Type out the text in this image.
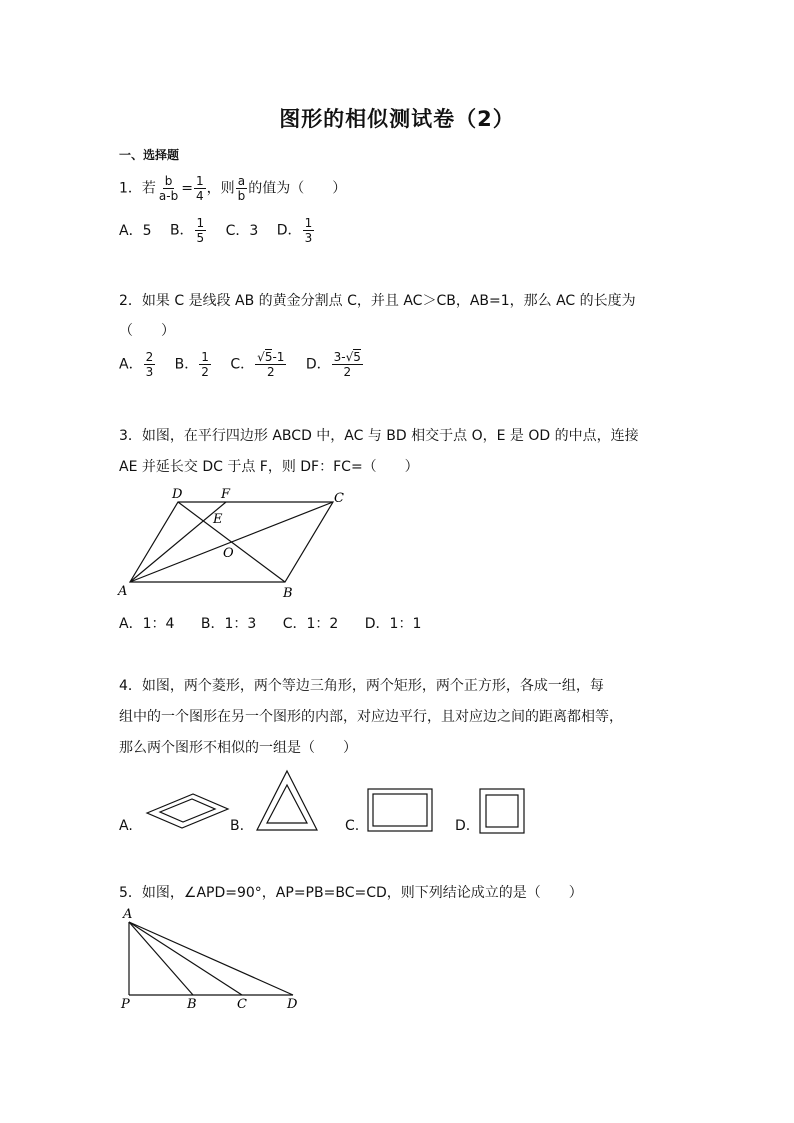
图形的相似测试卷（2）
一、选择题
1．若 $\frac{b}{a-b} = \frac{1}{4}$ ，则 $\frac{a}{b}$ 的值为（　　）
A．5 B． $\frac{1}{5}$ C．3 D． $\frac{1}{3}$
2．如果 C 是线段 AB 的黄金分割点 C，并且 AC＞CB，AB=1，那么 AC 的长度为
（　　）
A． $\frac{2}{3}$ B． $\frac{1}{2}$ C． $\frac{√5-1}{2}$ D． $\frac{3-√5}{2}$
3．如图，在平行四边形 ABCD 中，AC 与 BD 相交于点 O，E 是 OD 的中点，连接
AE 并延长交 DC 于点 F，则 DF：FC=（　　）
A	B
C
D
E
F
O
A．1：4 B．1：3 C．1：2 D．1：1
4．如图，两个菱形，两个等边三角形，两个矩形，两个正方形，各成一组，每
组中的一个图形在另一个图形的内部，对应边平行，且对应边之间的距离都相等，
那么两个图形不相似的一组是（　　）
A.	B.	C.	D.
5．如图，∠APD=90°，AP=PB=BC=CD，则下列结论成立的是（　　）
A
P	B	C	D
